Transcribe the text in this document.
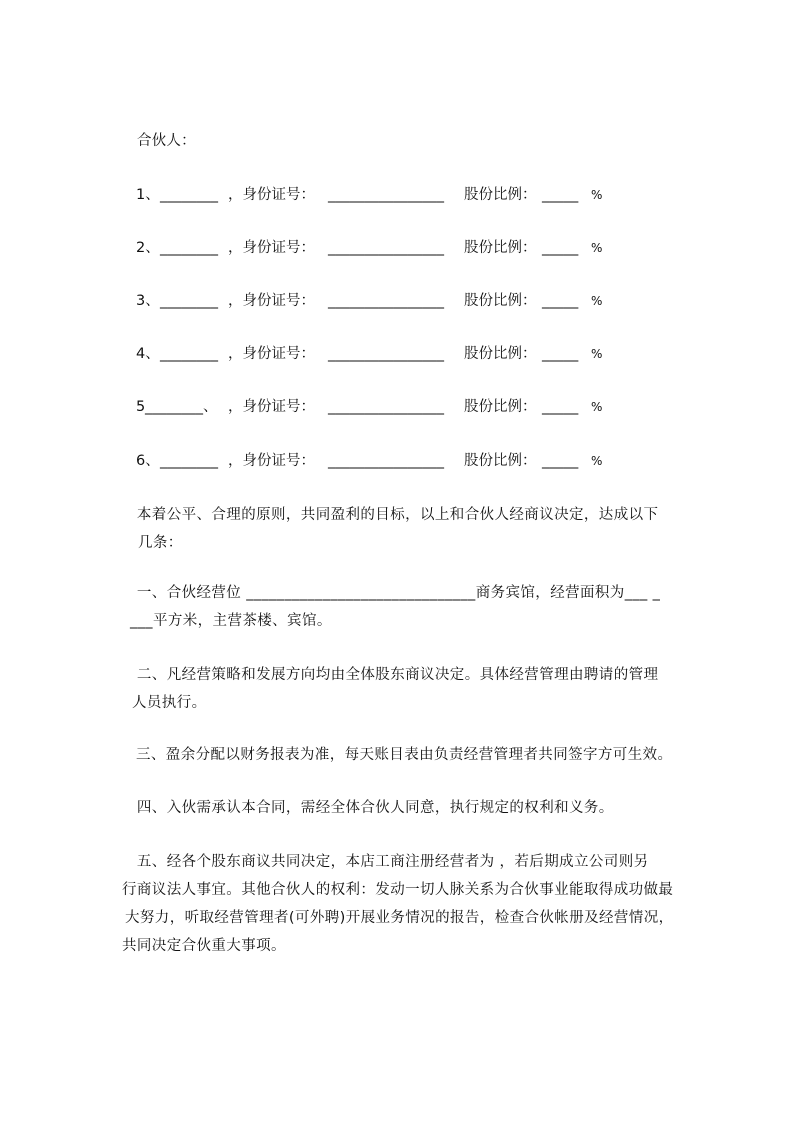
合伙人：

1、

________

，身份证号：

________________

股份比例：

_____

%

2、

________

，身份证号：

________________

股份比例：

_____

%

3、

________

，身份证号：

________________

股份比例：

_____

%

4、

________

，身份证号：

________________

股份比例：

_____

%

5

________、

，身份证号：

________________

股份比例：

_____

%

6、

________

，身份证号：

________________

股份比例：

_____

%

　本着公平、合理的原则，共同盈利的目标，以上和合伙人经商议决定，达成以下

几条：

　一、合伙经营位 ______________________________商务宾馆，经营面积为___ _

___平方米，主营茶楼、宾馆。

　二、凡经营策略和发展方向均由全体股东商议决定。具体经营管理由聘请的管理

人员执行。

三、盈余分配以财务报表为准，每天账目表由负责经营管理者共同签字方可生效。

　四、入伙需承认本合同，需经全体合伙人同意，执行规定的权利和义务。

　五、经各个股东商议共同决定，本店工商注册经营者为 ，若后期成立公司则另

行商议法人事宜。其他合伙人的权利：发动一切人脉关系为合伙事业能取得成功做最

大努力，听取经营管理者(可外聘)开展业务情况的报告，检查合伙帐册及经营情况，

共同决定合伙重大事项。
